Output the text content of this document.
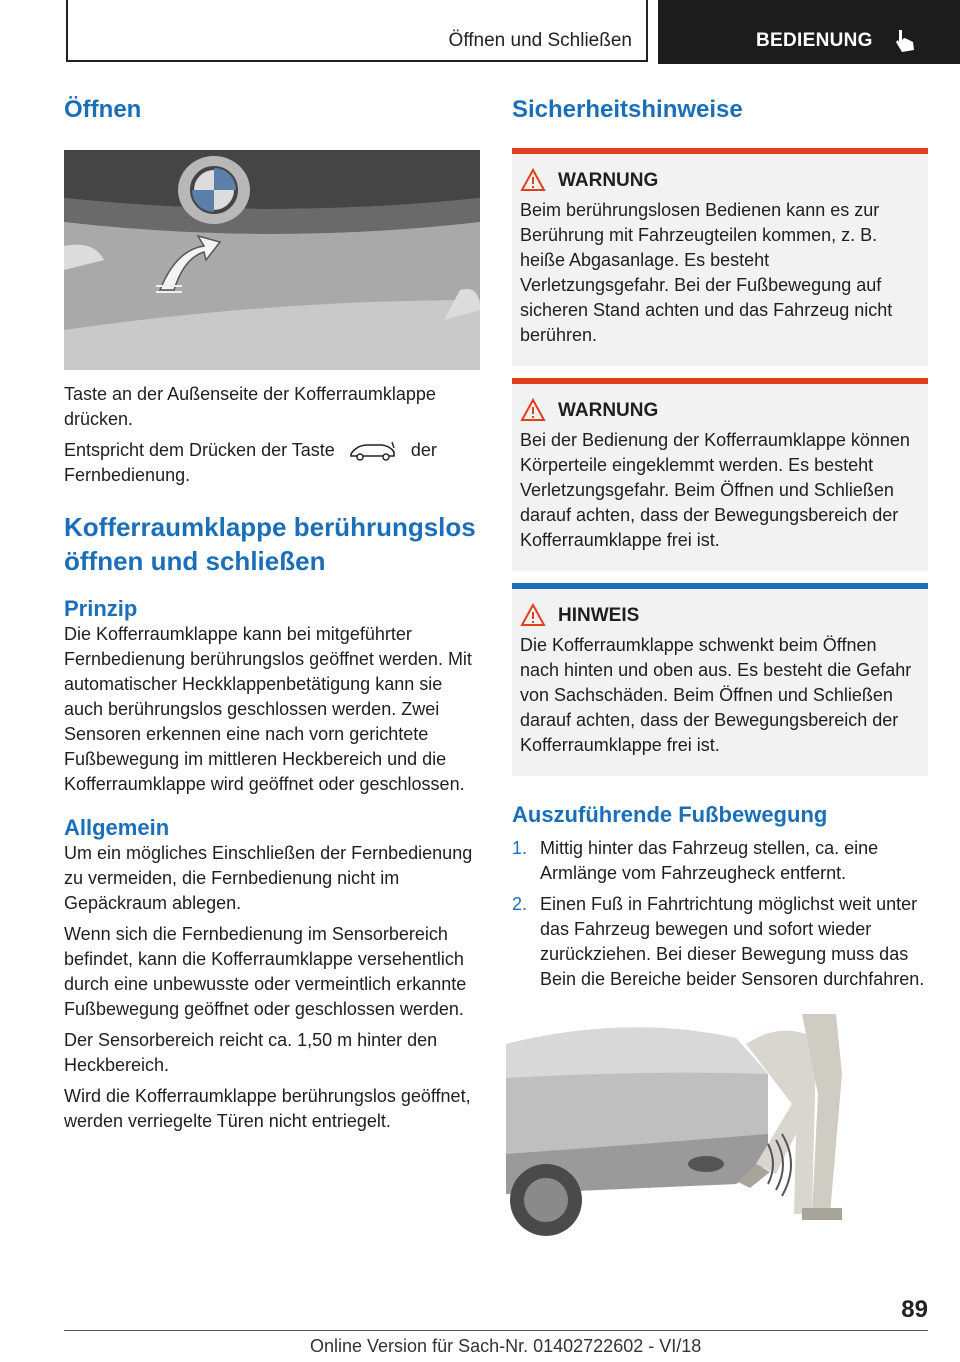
Öffnen und Schließen	BEDIENUNG
Öffnen

Taste an der Außenseite der Kofferraumklappe drücken.

Entspricht dem Drücken der Taste	der Fernbedienung.

Kofferraumklappe berührungslos öffnen und schließen
Prinzip

Die Kofferraumklappe kann bei mitgeführter Fernbedienung berührungslos geöffnet werden. Mit automatischer Heckklappenbetätigung kann sie auch berührungslos geschlossen werden. Zwei Sensoren erkennen eine nach vorn gerichtete Fußbewegung im mittleren Heckbereich und die Kofferraumklappe wird geöffnet oder geschlossen.

Allgemein

Um ein mögliches Einschließen der Fernbedienung zu vermeiden, die Fernbedienung nicht im Gepäckraum ablegen.

Wenn sich die Fernbedienung im Sensorbereich befindet, kann die Kofferraumklappe versehentlich durch eine unbewusste oder vermeintlich erkannte Fußbewegung geöffnet oder geschlossen werden.

Der Sensorbereich reicht ca. 1,50 m hinter den Heckbereich.

Wird die Kofferraumklappe berührungslos geöffnet, werden verriegelte Türen nicht entriegelt.

Sicherheitshinweise
WARNUNG

Beim berührungslosen Bedienen kann es zur Berührung mit Fahrzeugteilen kommen, z. B. heiße Abgasanlage. Es besteht Verletzungsgefahr. Bei der Fußbewegung auf sicheren Stand achten und das Fahrzeug nicht berühren.

WARNUNG

Bei der Bedienung der Kofferraumklappe können Körperteile eingeklemmt werden. Es besteht Verletzungsgefahr. Beim Öffnen und Schließen darauf achten, dass der Bewegungsbereich der Kofferraumklappe frei ist.

HINWEIS

Die Kofferraumklappe schwenkt beim Öffnen nach hinten und oben aus. Es besteht die Gefahr von Sachschäden. Beim Öffnen und Schließen darauf achten, dass der Bewegungsbereich der Kofferraumklappe frei ist.

Auszuführende Fußbewegung
1. Mittig hinter das Fahrzeug stellen, ca. eine Armlänge vom Fahrzeugheck entfernt.
2. Einen Fuß in Fahrtrichtung möglichst weit unter das Fahrzeug bewegen und sofort wieder zurückziehen. Bei dieser Bewegung muss das Bein die Bereiche beider Sensoren durchfahren.
89
Online Version für Sach-Nr. 01402722602 - VI/18
